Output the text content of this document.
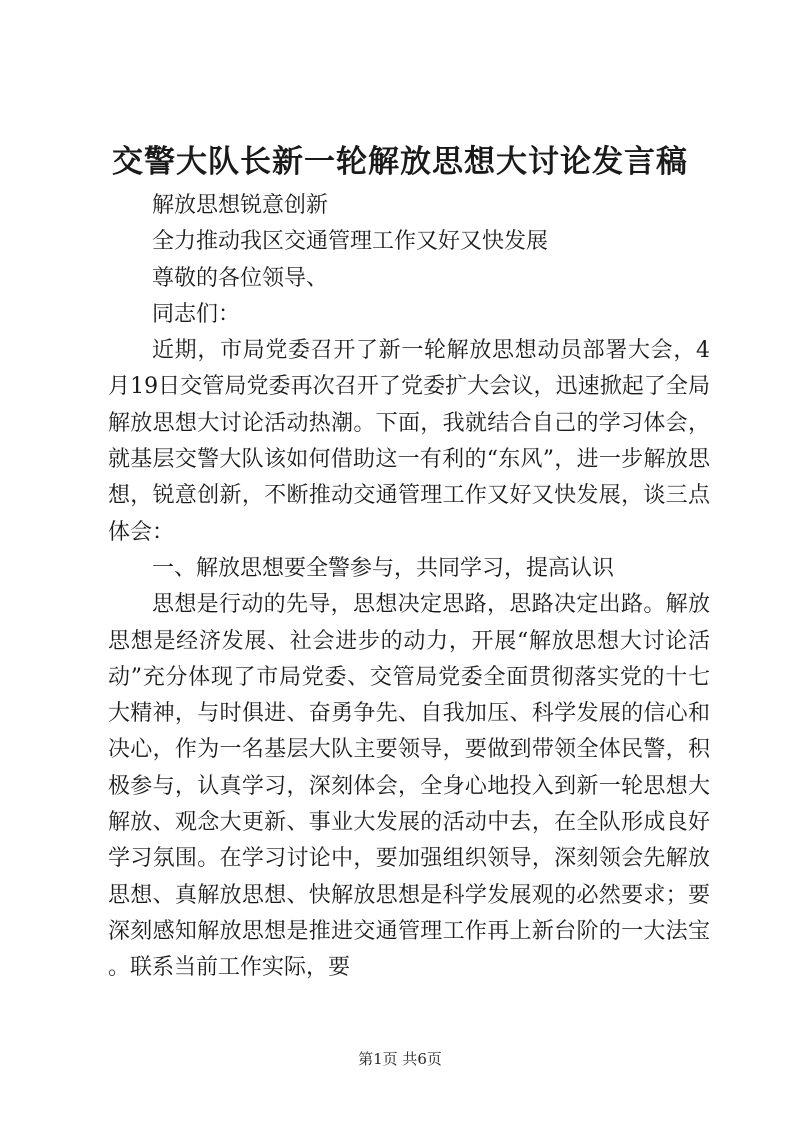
交警大队长新一轮解放思想大讨论发言稿

解放思想锐意创新

全力推动我区交通管理工作又好又快发展

尊敬的各位领导、

同志们：

近期，市局党委召开了新一轮解放思想动员部署大会，4月19日交管局党委再次召开了党委扩大会议，迅速掀起了全局解放思想大讨论活动热潮。下面，我就结合自己的学习体会，就基层交警大队该如何借助这一有利的“东风”，进一步解放思想，锐意创新，不断推动交通管理工作又好又快发展，谈三点体会：

一、解放思想要全警参与，共同学习，提高认识

思想是行动的先导，思想决定思路，思路决定出路。解放思想是经济发展、社会进步的动力，开展“解放思想大讨论活动”充分体现了市局党委、交管局党委全面贯彻落实党的十七大精神，与时俱进、奋勇争先、自我加压、科学发展的信心和决心，作为一名基层大队主要领导，要做到带领全体民警，积极参与，认真学习，深刻体会，全身心地投入到新一轮思想大解放、观念大更新、事业大发展的活动中去，在全队形成良好学习氛围。在学习讨论中，要加强组织领导，深刻领会先解放思想、真解放思想、快解放思想是科学发展观的必然要求；要深刻感知解放思想是推进交通管理工作再上新台阶的一大法宝。联系当前工作实际，要

第1页 共6页
